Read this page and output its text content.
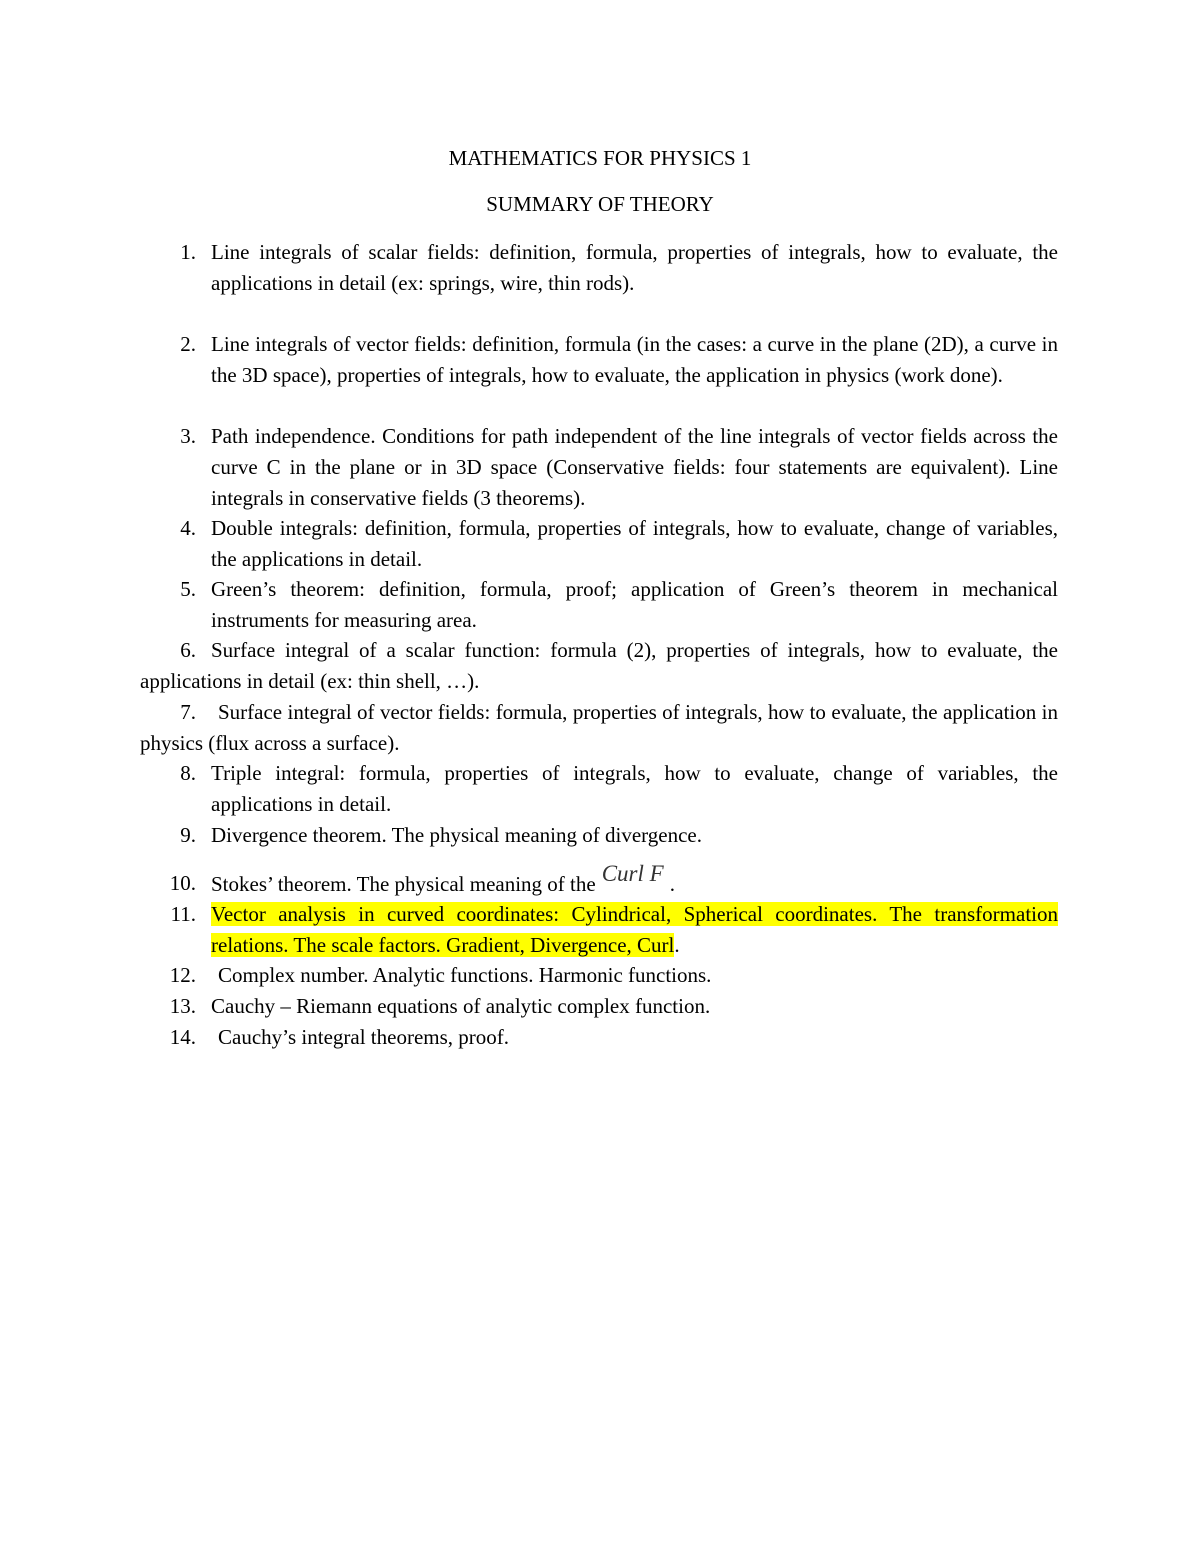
MATHEMATICS FOR PHYSICS 1
SUMMARY OF THEORY
1. Line integrals of scalar fields: definition, formula, properties of integrals, how to evaluate, the applications in detail (ex: springs, wire, thin rods).
2. Line integrals of vector fields: definition, formula (in the cases: a curve in the plane (2D), a curve in the 3D space), properties of integrals, how to evaluate, the application in physics (work done).
3. Path independence. Conditions for path independent of the line integrals of vector fields across the curve C in the plane or in 3D space (Conservative fields: four statements are equivalent). Line integrals in conservative fields (3 theorems).
4. Double integrals: definition, formula, properties of integrals, how to evaluate, change of variables, the applications in detail.
5. Green’s theorem: definition, formula, proof; application of Green’s theorem in mechanical instruments for measuring area.
6. Surface integral of a scalar function: formula (2), properties of integrals, how to evaluate, the applications in detail (ex: thin shell, …).
7.	Surface integral of vector fields: formula, properties of integrals, how to evaluate, the application in physics (flux across a surface).
8. Triple integral: formula, properties of integrals, how to evaluate, change of variables, the applications in detail.
9. Divergence theorem. The physical meaning of divergence.
10. Stokes’ theorem. The physical meaning of the Curl F .
11. Vector analysis in curved coordinates: Cylindrical, Spherical coordinates. The transformation relations. The scale factors. Gradient, Divergence, Curl.
12. Complex number. Analytic functions. Harmonic functions.
13. Cauchy – Riemann equations of analytic complex function.
14. Cauchy’s integral theorems, proof.
